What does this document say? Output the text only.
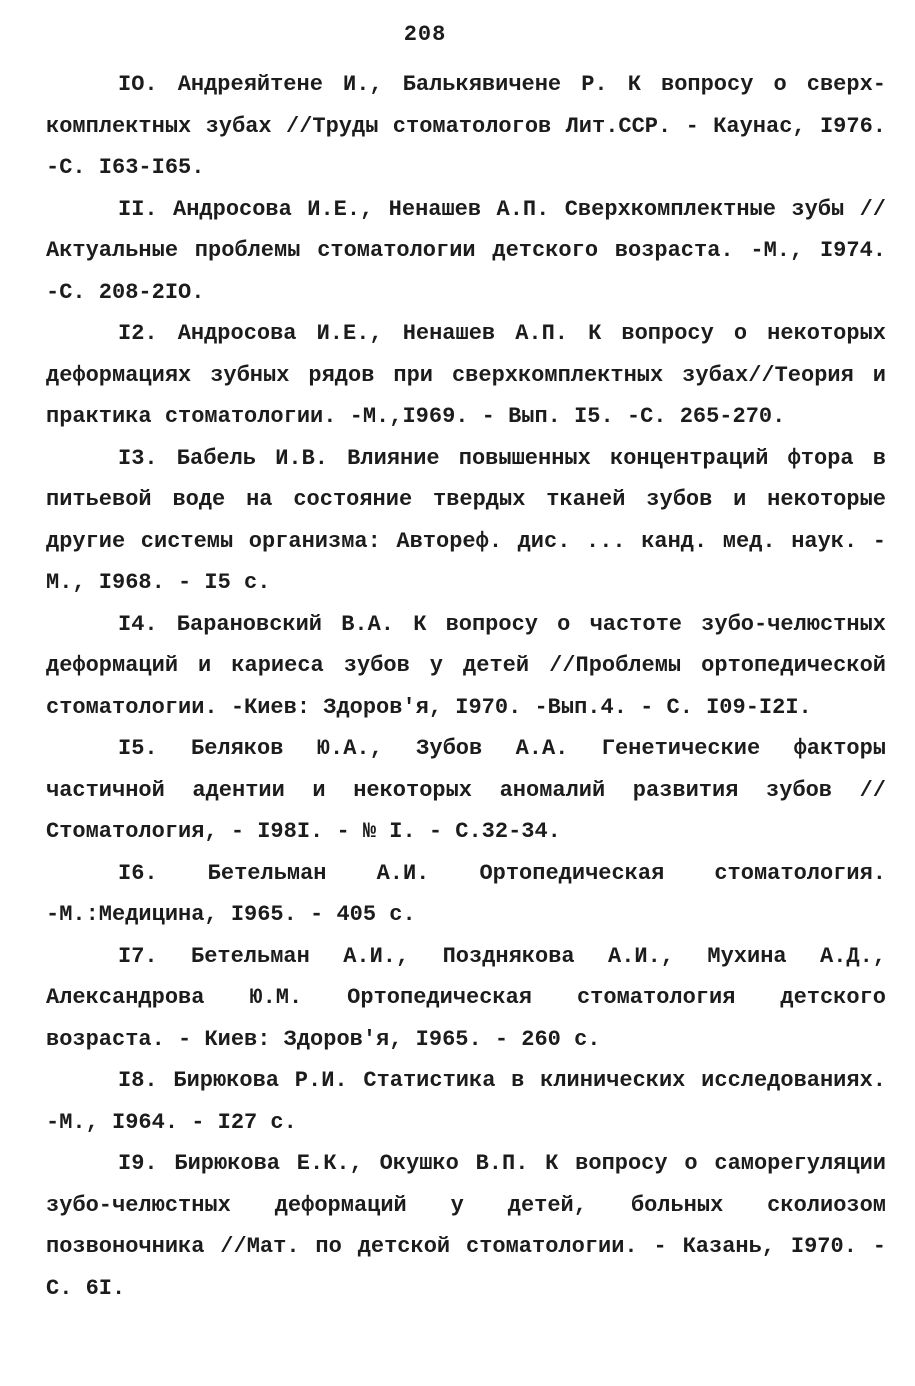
208

IO. Андреяйтене И., Балькявичене Р. К вопросу о сверх-комплектных зубах //Труды стоматологов Лит.ССР. - Каунас, I976. -С. I63-I65.

II. Андросова И.Е., Ненашев А.П. Сверхкомплектные зубы //Актуальные проблемы стоматологии детского возраста. -М., I974. -С. 208-2IO.

I2. Андросова И.Е., Ненашев А.П. К вопросу о некоторых деформациях зубных рядов при сверхкомплектных зубах//Теория и практика стоматологии. -М.,I969. - Вып. I5. -С. 265-270.

I3. Бабель И.В. Влияние повышенных концентраций фтора в питьевой воде на состояние твердых тканей зубов и некоторые другие системы организма: Автореф. дис. ... канд. мед. наук. - М., I968. - I5 с.

I4. Барановский В.А. К вопросу о частоте зубо-челюстных деформаций и кариеса зубов у детей //Проблемы ортопедической стоматологии. -Киев: Здоров'я, I970. -Вып.4. - С. I09-I2I.

I5. Беляков Ю.А., Зубов А.А. Генетические факторы частичной адентии и некоторых аномалий развития зубов //Стоматология, - I98I. - № I. - С.32-34.

I6. Бетельман А.И. Ортопедическая стоматология. -М.:Медицина, I965. - 405 с.

I7. Бетельман А.И., Позднякова А.И., Мухина А.Д., Александрова Ю.М. Ортопедическая стоматология детского возраста. - Киев: Здоров'я, I965. - 260 с.

I8. Бирюкова Р.И. Статистика в клинических исследованиях. -М., I964. - I27 с.

I9. Бирюкова Е.К., Окушко В.П. К вопросу о саморегуляции зубо-челюстных деформаций у детей, больных сколиозом позвоночника //Мат. по детской стоматологии. - Казань, I970. - С. 6I.
